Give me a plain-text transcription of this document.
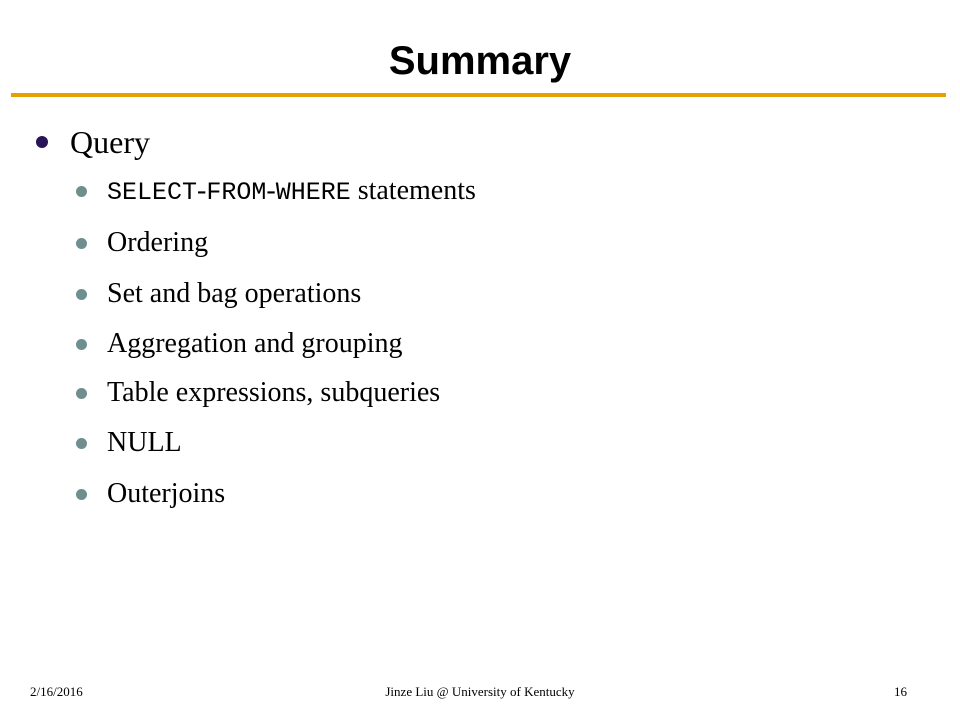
Summary
Query
SELECT-FROM-WHERE statements
Ordering
Set and bag operations
Aggregation and grouping
Table expressions, subqueries
NULL
Outerjoins
2/16/2016	Jinze Liu @ University of Kentucky	16
